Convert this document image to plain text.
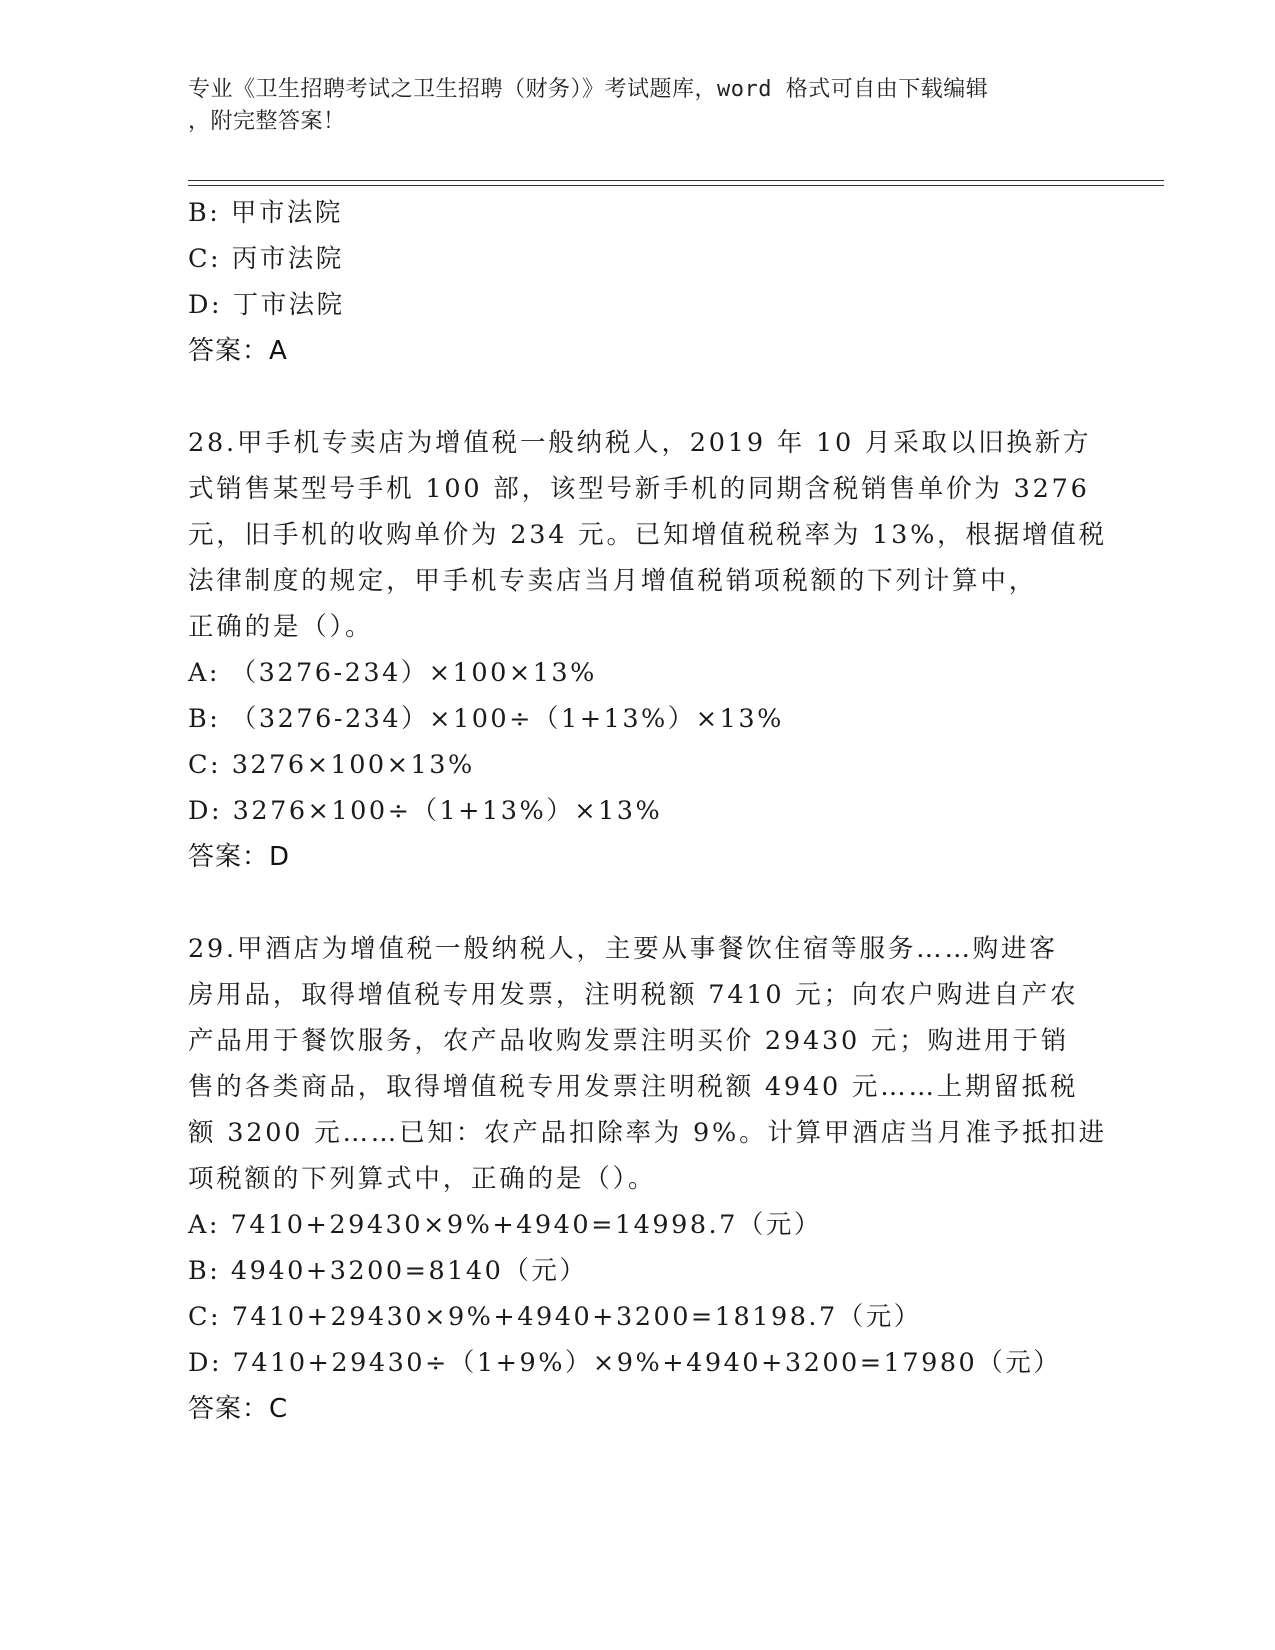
专业《卫生招聘考试之卫生招聘（财务）》考试题库，word 格式可自由下载编辑
，附完整答案！
B: 甲市法院
C: 丙市法院
D: 丁市法院
答案：A
28.甲手机专卖店为增值税一般纳税人，2019 年 10 月采取以旧换新方
式销售某型号手机 100 部，该型号新手机的同期含税销售单价为 3276
元，旧手机的收购单价为 234 元。已知增值税税率为 13%，根据增值税
法律制度的规定，甲手机专卖店当月增值税销项税额的下列计算中，
正确的是（）。
A: （3276-234）×100×13%
B: （3276-234）×100÷（1+13%）×13%
C: 3276×100×13%
D: 3276×100÷（1+13%）×13%
答案：D
29.甲酒店为增值税一般纳税人，主要从事餐饮住宿等服务……购进客
房用品，取得增值税专用发票，注明税额 7410 元；向农户购进自产农
产品用于餐饮服务，农产品收购发票注明买价 29430 元；购进用于销
售的各类商品，取得增值税专用发票注明税额 4940 元……上期留抵税
额 3200 元……已知：农产品扣除率为 9%。计算甲酒店当月准予抵扣进
项税额的下列算式中，正确的是（）。
A: 7410+29430×9%+4940=14998.7（元）
B: 4940+3200=8140（元）
C: 7410+29430×9%+4940+3200=18198.7（元）
D: 7410+29430÷（1+9%）×9%+4940+3200=17980（元）
答案：C
